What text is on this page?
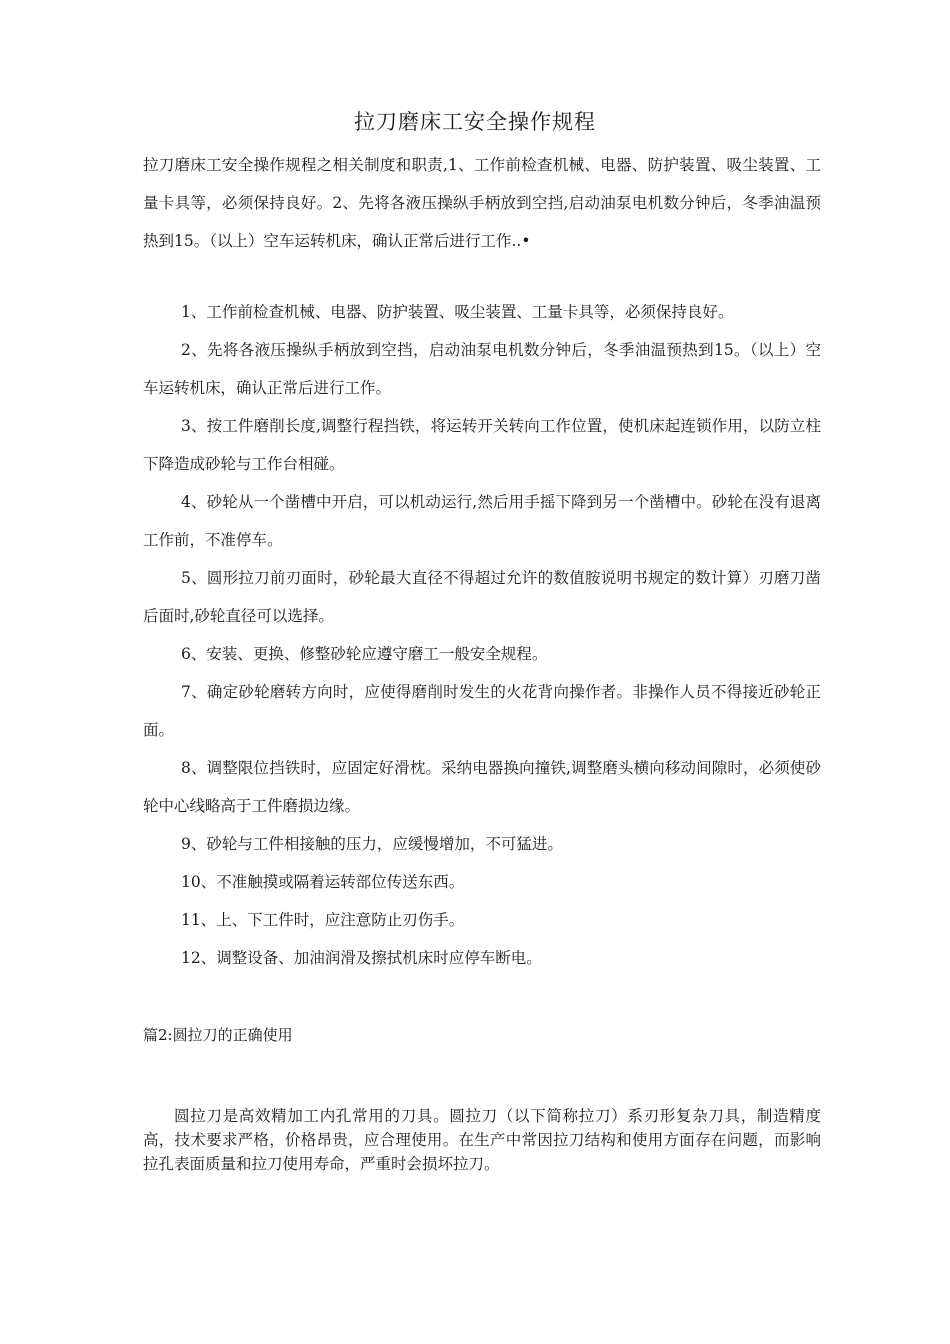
拉刀磨床工安全操作规程
拉刀磨床工安全操作规程之相关制度和职责,1、工作前检查机械、电器、防护装置、吸尘装置、工量卡具等，必须保持良好。2、先将各液压操纵手柄放到空挡,启动油泵电机数分钟后，冬季油温预热到15。（以上）空车运转机床，确认正常后进行工作..•

1、工作前检查机械、电器、防护装置、吸尘装置、工量卡具等，必须保持良好。

2、先将各液压操纵手柄放到空挡，启动油泵电机数分钟后，冬季油温预热到15。（以上）空车运转机床，确认正常后进行工作。

3、按工件磨削长度,调整行程挡铁，将运转开关转向工作位置，使机床起连锁作用，以防立柱下降造成砂轮与工作台相碰。

4、砂轮从一个凿槽中开启，可以机动运行,然后用手摇下降到另一个凿槽中。砂轮在没有退离工作前，不准停车。

5、圆形拉刀前刃面时，砂轮最大直径不得超过允许的数值胺说明书规定的数计算）刃磨刀凿后面时,砂轮直径可以选择。

6、安装、更换、修整砂轮应遵守磨工一般安全规程。

7、确定砂轮磨转方向时，应使得磨削时发生的火花背向操作者。非操作人员不得接近砂轮正面。

8、调整限位挡铁时，应固定好滑枕。采纳电器换向撞铁,调整磨头横向移动间隙时，必须使砂轮中心线略高于工件磨损边缘。

9、砂轮与工件相接触的压力，应缓慢增加，不可猛进。

10、不准触摸或隔着运转部位传送东西。

11、上、下工件时，应注意防止刃伤手。

12、调整设备、加油润滑及擦拭机床时应停车断电。

篇2:圆拉刀的正确使用
圆拉刀是高效精加工内孔常用的刀具。圆拉刀（以下简称拉刀）系刃形复杂刀具，制造精度高，技术要求严格，价格昂贵，应合理使用。在生产中常因拉刀结构和使用方面存在问题，而影响拉孔表面质量和拉刀使用寿命，严重时会损坏拉刀。
